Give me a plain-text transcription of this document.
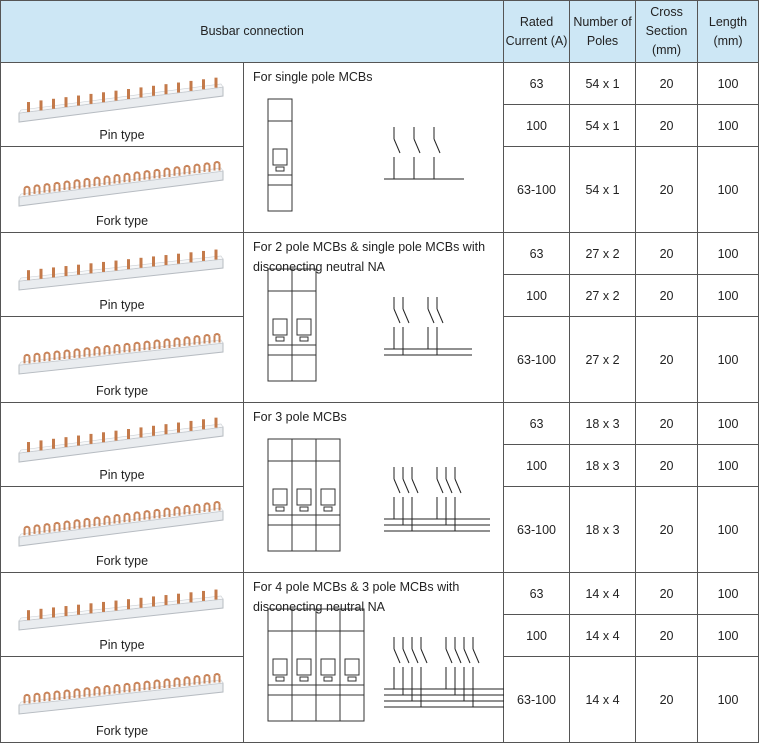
Busbar connection		Rated Current (A)	Number of Poles	Cross Section (mm)	Length (mm)

Pin type	For single pole MCBs	63	54 x 1	20	100
		100	54 x 1	20	100

Fork type		63-100	54 x 1	20	100

Pin type	For 2 pole MCBs & single pole MCBs with disconecting neutral NA	63	27 x 2	20	100
		100	27 x 2	20	100

Fork type		63-100	27 x 2	20	100

Pin type	For 3 pole MCBs	63	18 x 3	20	100
		100	18 x 3	20	100

Fork type		63-100	18 x 3	20	100

Pin type	For 4 pole MCBs & 3 pole MCBs with disconecting neutral NA	63	14 x 4	20	100
		100	14 x 4	20	100

Fork type		63-100	14 x 4	20	100
